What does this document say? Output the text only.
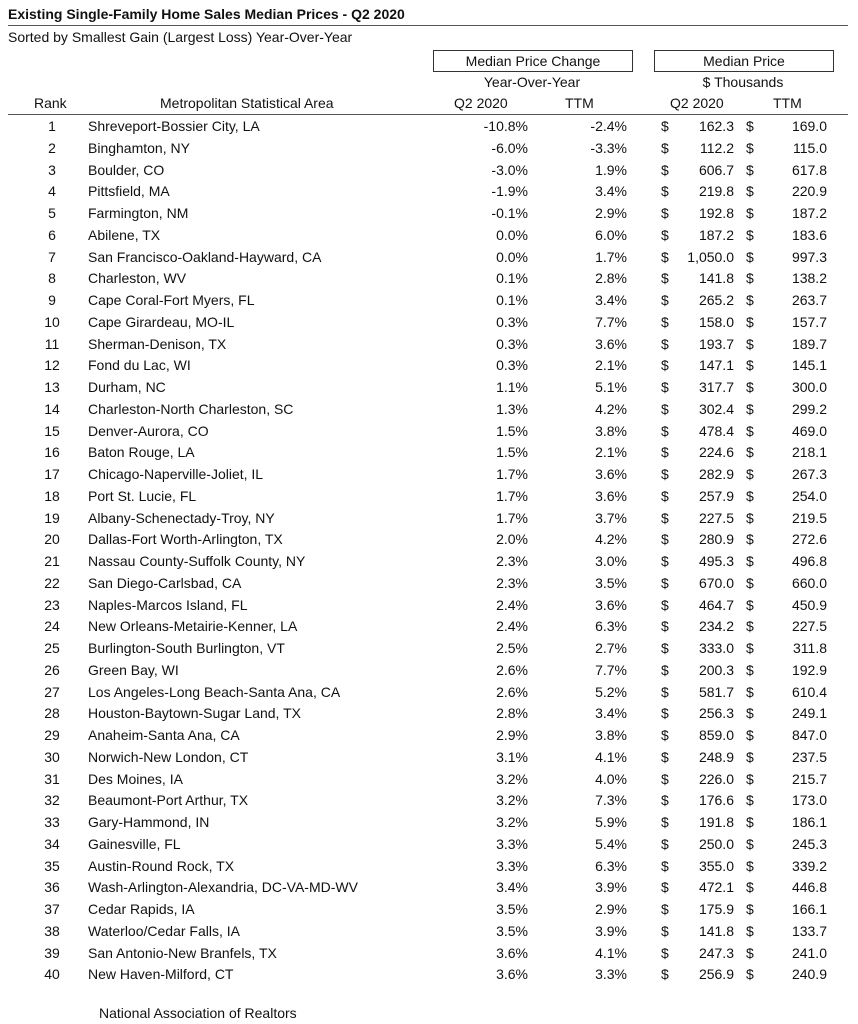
Existing Single-Family Home Sales Median Prices - Q2 2020
Sorted by Smallest Gain (Largest Loss) Year-Over-Year
Median Price Change
Year-Over-Year
Median Price
$ Thousands
Rank	Metropolitan Statistical Area	Q2 2020	TTM	Q2 2020	TTM
1	Shreveport-Bossier City, LA	-10.8%	-2.4% $	162.3 $	169.0
2	Binghamton, NY	-6.0%	-3.3% $	112.2 $	115.0
3	Boulder, CO	-3.0%	1.9% $	606.7 $	617.8
4	Pittsfield, MA	-1.9%	3.4% $	219.8 $	220.9
5	Farmington, NM	-0.1%	2.9% $	192.8 $	187.2
6	Abilene, TX	0.0%	6.0% $	187.2 $	183.6
7	San Francisco-Oakland-Hayward, CA	0.0%	1.7% $	1,050.0 $	997.3
8	Charleston, WV	0.1%	2.8% $	141.8 $	138.2
9	Cape Coral-Fort Myers, FL	0.1%	3.4% $	265.2 $	263.7
10	Cape Girardeau, MO-IL	0.3%	7.7% $	158.0 $	157.7
11	Sherman-Denison, TX	0.3%	3.6% $	193.7 $	189.7
12	Fond du Lac, WI	0.3%	2.1% $	147.1 $	145.1
13	Durham, NC	1.1%	5.1% $	317.7 $	300.0
14	Charleston-North Charleston, SC	1.3%	4.2% $	302.4 $	299.2
15	Denver-Aurora, CO	1.5%	3.8% $	478.4 $	469.0
16	Baton Rouge, LA	1.5%	2.1% $	224.6 $	218.1
17	Chicago-Naperville-Joliet, IL	1.7%	3.6% $	282.9 $	267.3
18	Port St. Lucie, FL	1.7%	3.6% $	257.9 $	254.0
19	Albany-Schenectady-Troy, NY	1.7%	3.7% $	227.5 $	219.5
20	Dallas-Fort Worth-Arlington, TX	2.0%	4.2% $	280.9 $	272.6
21	Nassau County-Suffolk County, NY	2.3%	3.0% $	495.3 $	496.8
22	San Diego-Carlsbad, CA	2.3%	3.5% $	670.0 $	660.0
23	Naples-Marcos Island, FL	2.4%	3.6% $	464.7 $	450.9
24	New Orleans-Metairie-Kenner, LA	2.4%	6.3% $	234.2 $	227.5
25	Burlington-South Burlington, VT	2.5%	2.7% $	333.0 $	311.8
26	Green Bay, WI	2.6%	7.7% $	200.3 $	192.9
27	Los Angeles-Long Beach-Santa Ana, CA	2.6%	5.2% $	581.7 $	610.4
28	Houston-Baytown-Sugar Land, TX	2.8%	3.4% $	256.3 $	249.1
29	Anaheim-Santa Ana, CA	2.9%	3.8% $	859.0 $	847.0
30	Norwich-New London, CT	3.1%	4.1% $	248.9 $	237.5
31	Des Moines, IA	3.2%	4.0% $	226.0 $	215.7
32	Beaumont-Port Arthur, TX	3.2%	7.3% $	176.6 $	173.0
33	Gary-Hammond, IN	3.2%	5.9% $	191.8 $	186.1
34	Gainesville, FL	3.3%	5.4% $	250.0 $	245.3
35	Austin-Round Rock, TX	3.3%	6.3% $	355.0 $	339.2
36	Wash-Arlington-Alexandria, DC-VA-MD-WV	3.4%	3.9% $	472.1 $	446.8
37	Cedar Rapids, IA	3.5%	2.9% $	175.9 $	166.1
38	Waterloo/Cedar Falls, IA	3.5%	3.9% $	141.8 $	133.7
39	San Antonio-New Branfels, TX	3.6%	4.1% $	247.3 $	241.0
40	New Haven-Milford, CT	3.6%	3.3% $	256.9 $	240.9
National Association of Realtors
